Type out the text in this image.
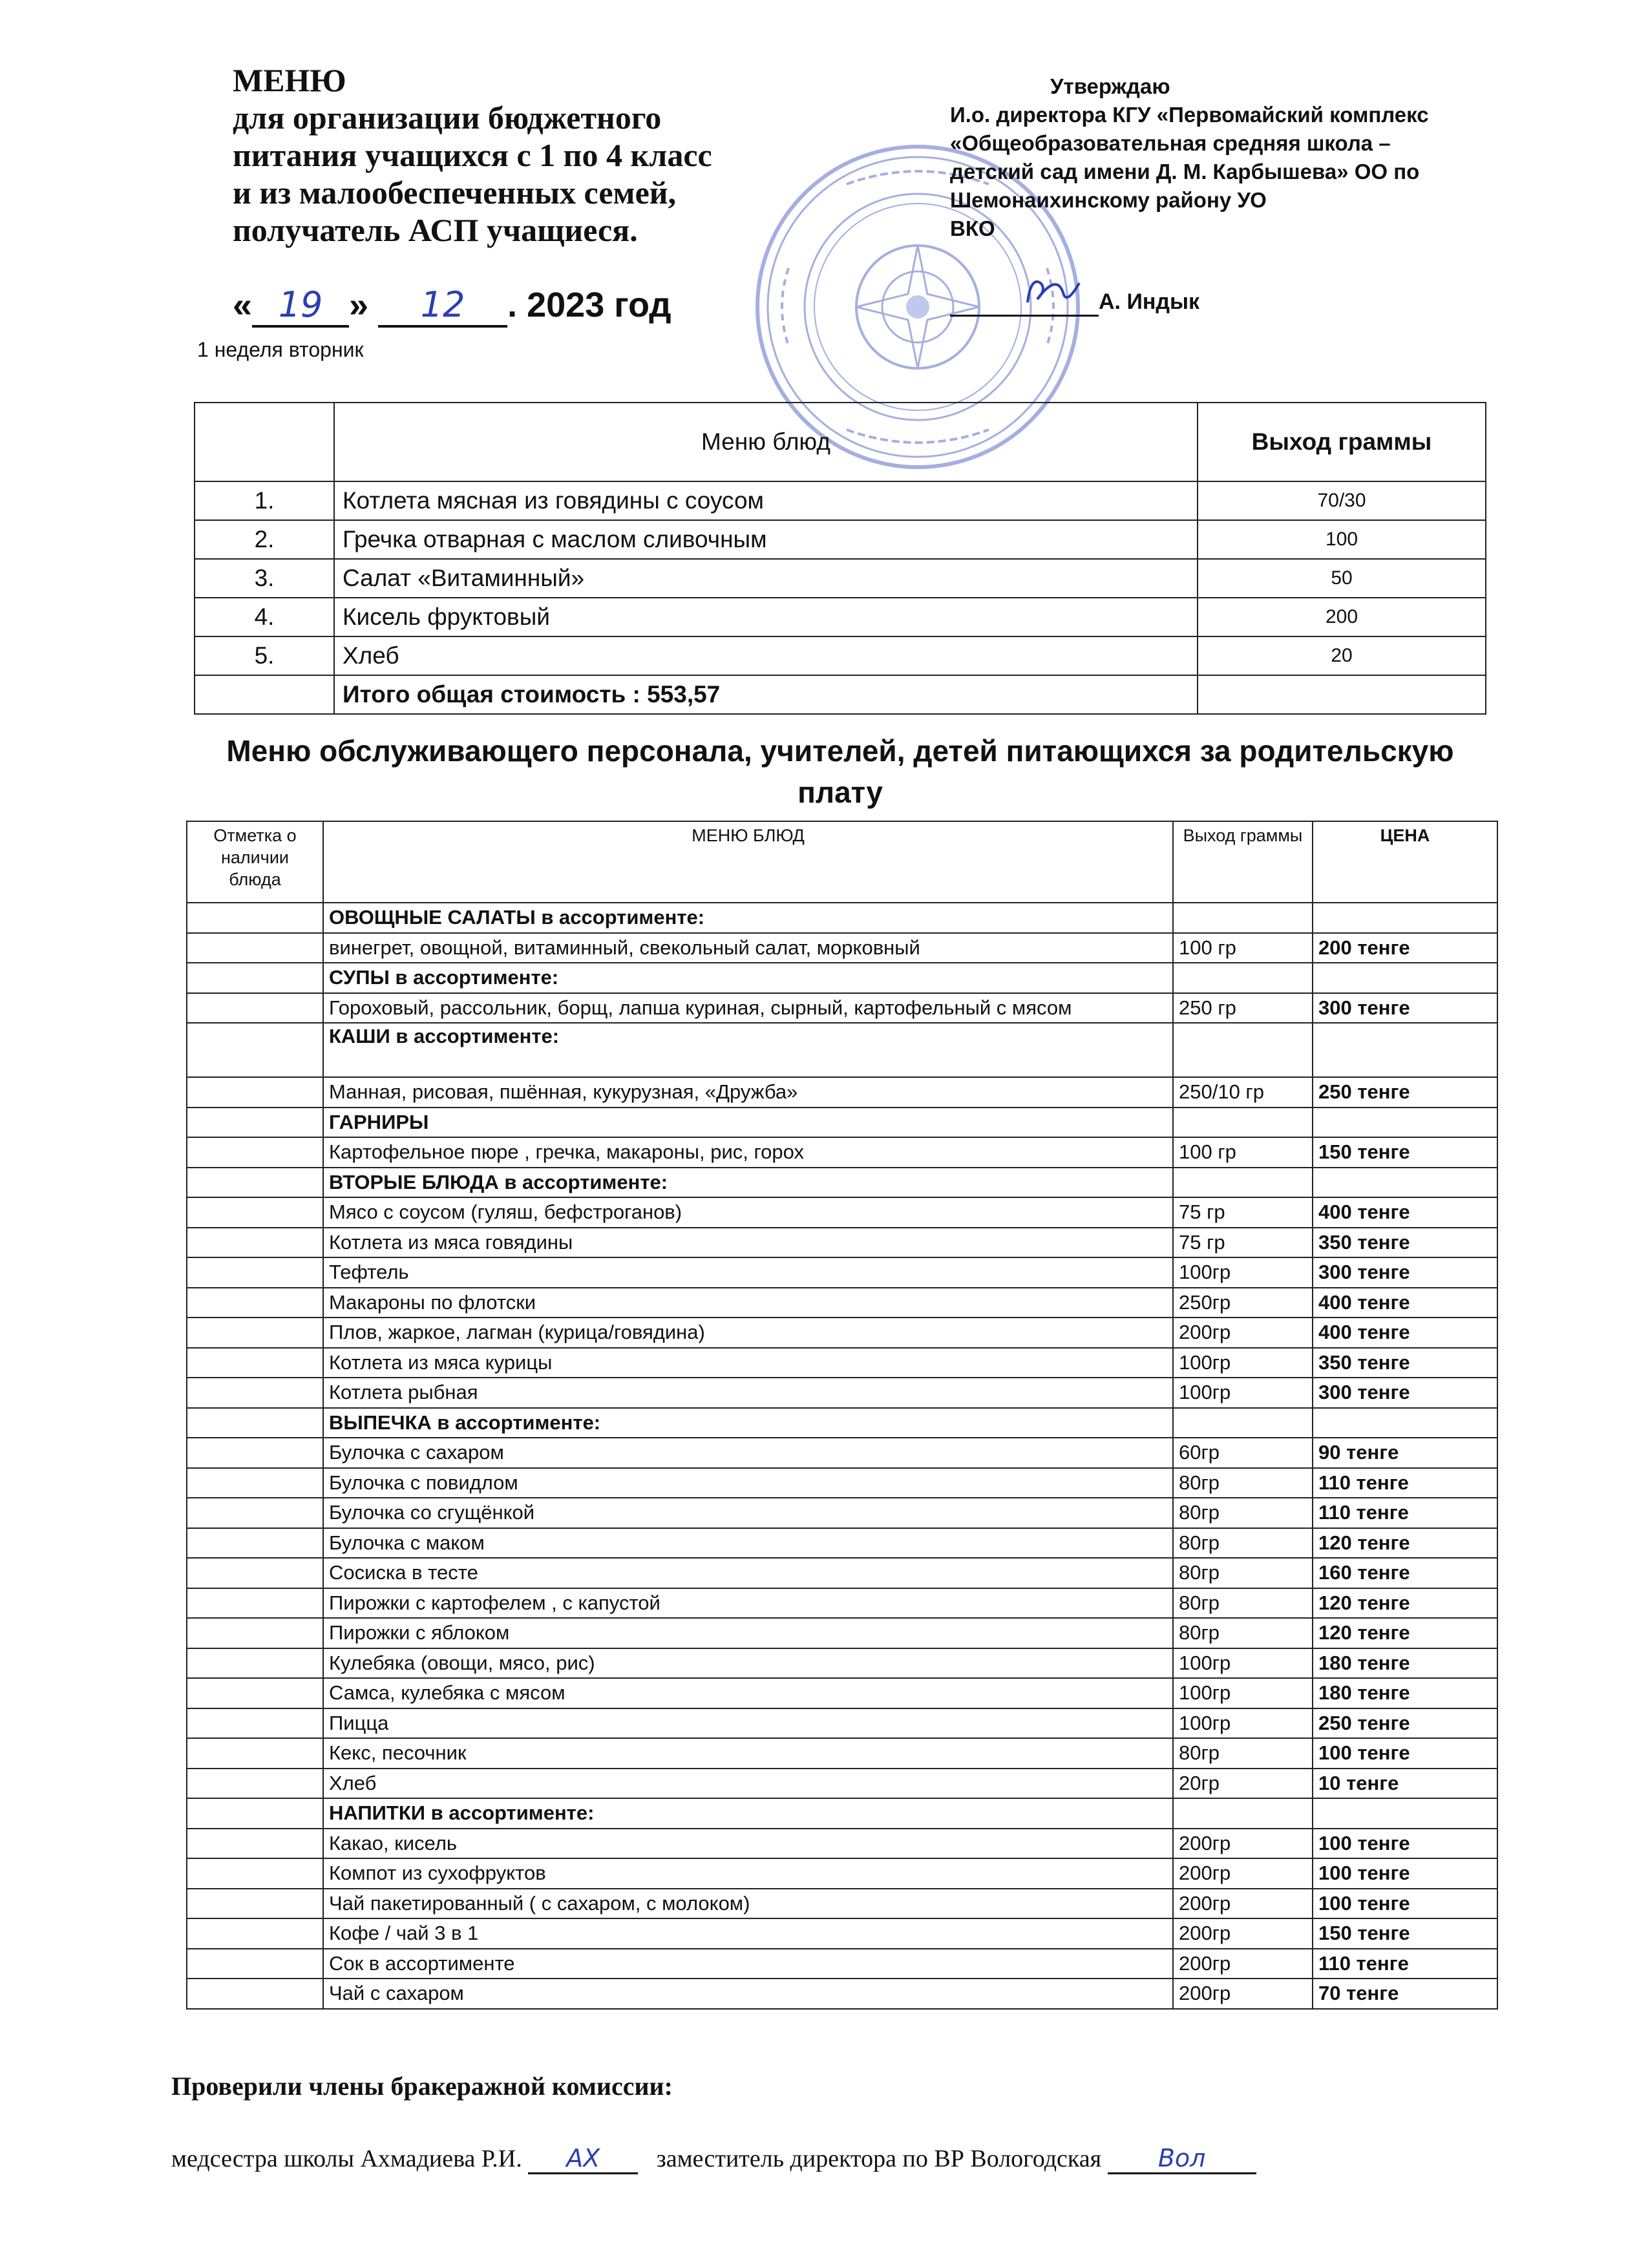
МЕНЮ
для организации бюджетного
питания учащихся с 1 по 4 класс
и из малообеспеченных семей,
получатель АСП учащиеся.
« 19 » 12 . 2023 год
1 неделя вторник
Утверждаю
И.о. директора КГУ «Первомайский комплекс
«Общеобразовательная средняя школа –
детский сад имени Д. М. Карбышева» ОО по
Шемонаихинскому району УО
ВКО
А. Индык
	Меню блюд	Выход граммы
1.	Котлета мясная из говядины с соусом	70/30
2.	Гречка отварная с маслом сливочным	100
3.	Салат «Витаминный»	50
4.	Кисель фруктовый	200
5.	Хлеб	20
	Итого общая стоимость : 553,57	
Меню обслуживающего персонала, учителей, детей питающихся за родительскую плату
Отметка о наличии блюда	МЕНЮ БЛЮД	Выход граммы	ЦЕНА
	ОВОЩНЫЕ САЛАТЫ в ассортименте:		
	винегрет, овощной, витаминный, свекольный салат, морковный	100 гр	200 тенге
	СУПЫ в ассортименте:		
	Гороховый, рассольник, борщ, лапша куриная, сырный, картофельный с мясом	250 гр	300 тенге
	КАШИ в ассортименте:		
	Манная, рисовая, пшённая, кукурузная, «Дружба»	250/10 гр	250 тенге
	ГАРНИРЫ		
	Картофельное пюре , гречка, макароны, рис, горох	100 гр	150 тенге
	ВТОРЫЕ БЛЮДА в ассортименте:		
	Мясо с соусом (гуляш, бефстроганов)	75 гр	400 тенге
	Котлета из мяса говядины	75 гр	350 тенге
	Тефтель	100гр	300 тенге
	Макароны по флотски	250гр	400 тенге
	Плов, жаркое, лагман (курица/говядина)	200гр	400 тенге
	Котлета из мяса курицы	100гр	350 тенге
	Котлета рыбная	100гр	300 тенге
	ВЫПЕЧКА в ассортименте:		
	Булочка с сахаром	60гр	90 тенге
	Булочка с повидлом	80гр	110 тенге
	Булочка со сгущёнкой	80гр	110 тенге
	Булочка с маком	80гр	120 тенге
	Сосиска в тесте	80гр	160 тенге
	Пирожки с картофелем , с капустой	80гр	120 тенге
	Пирожки с яблоком	80гр	120 тенге
	Кулебяка (овощи, мясо, рис)	100гр	180 тенге
	Самса, кулебяка с мясом	100гр	180 тенге
	Пицца	100гр	250 тенге
	Кекс, песочник	80гр	100 тенге
	Хлеб	20гр	10 тенге
	НАПИТКИ в ассортименте:		
	Какао, кисель	200гр	100 тенге
	Компот из сухофруктов	200гр	100 тенге
	Чай пакетированный ( с сахаром, с молоком)	200гр	100 тенге
	Кофе / чай 3 в 1	200гр	150 тенге
	Сок в ассортименте	200гр	110 тенге
	Чай с сахаром	200гр	70 тенге
Проверили члены бракеражной комиссии:
медсестра школы Ахмадиева Р.И. АХ заместитель директора по ВР Вологодская Вол
